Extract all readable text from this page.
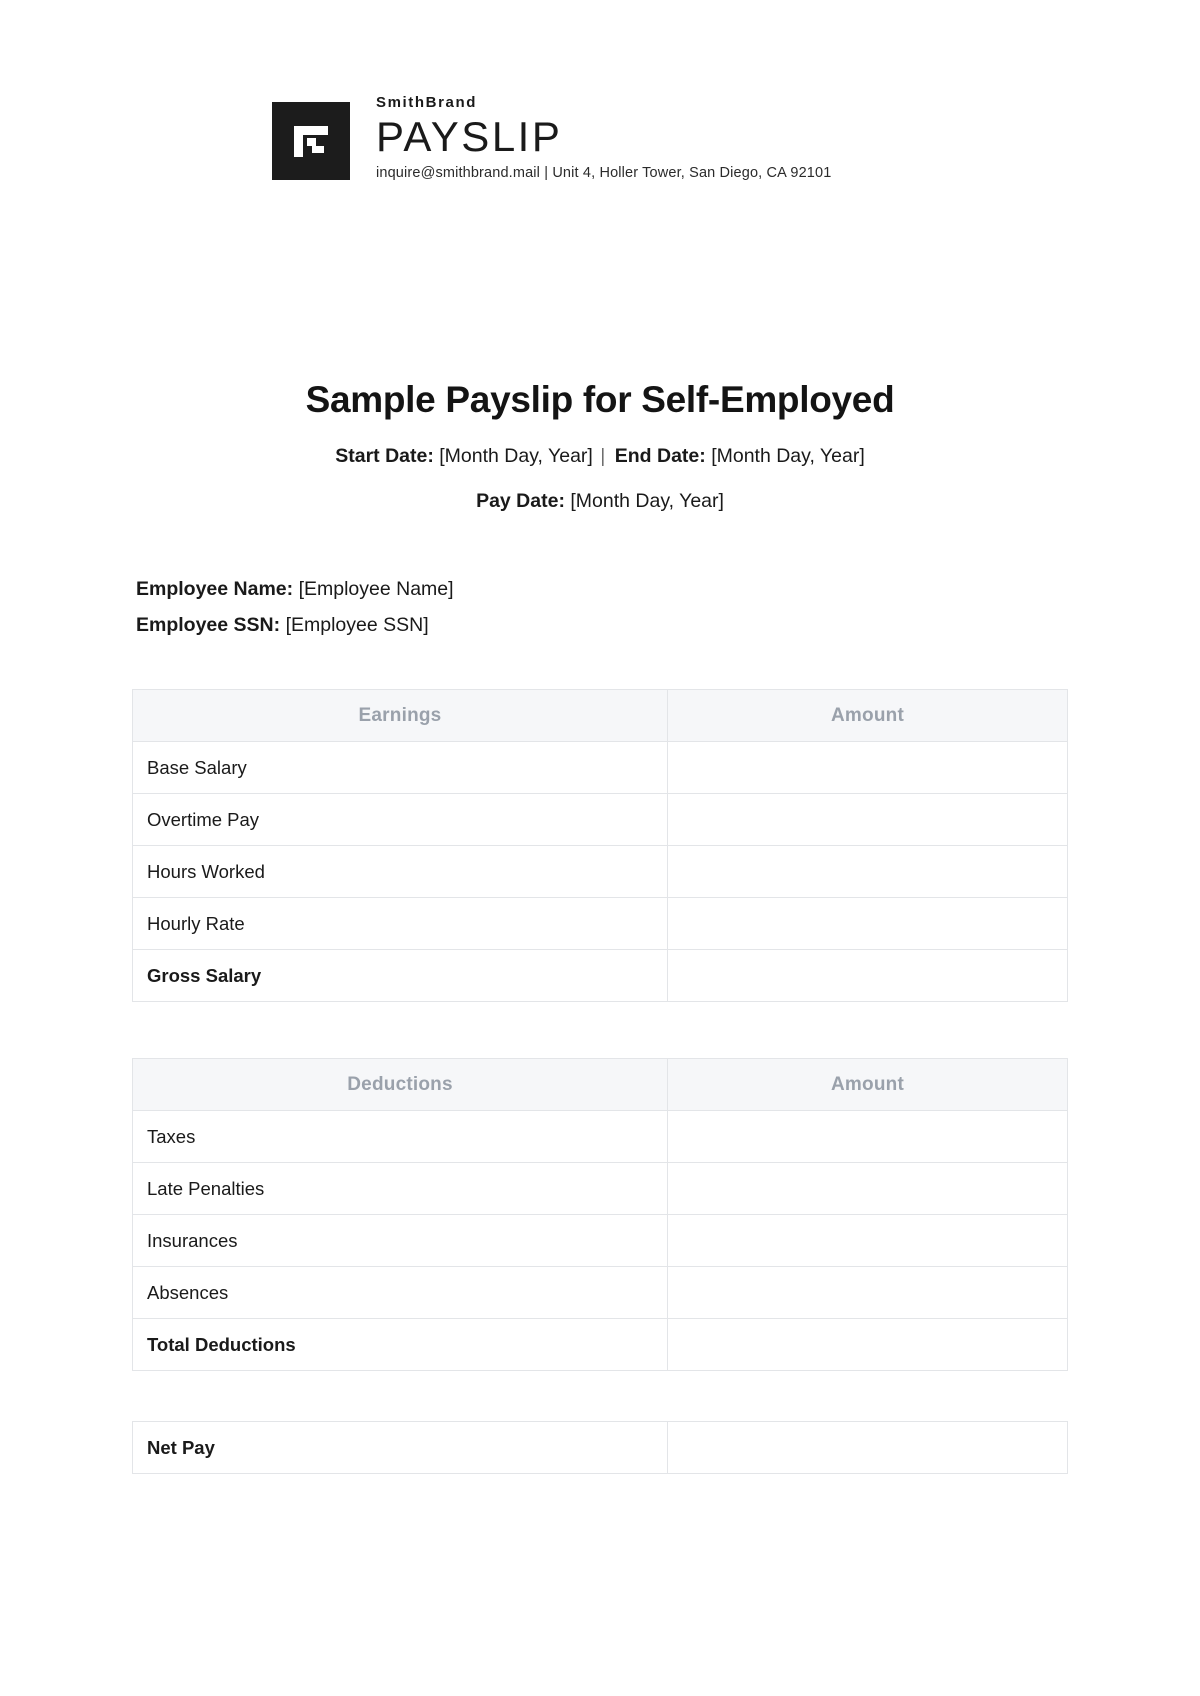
SmithBrand

PAYSLIP

inquire@smithbrand.mail | Unit 4, Holler Tower, San Diego, CA 92101
Sample Payslip for Self-Employed
Start Date: [Month Day, Year] | End Date: [Month Day, Year]
Pay Date: [Month Day, Year]
Employee Name: [Employee Name]
Employee SSN: [Employee SSN]
Earnings	Amount
Base Salary	
Overtime Pay	
Hours Worked	
Hourly Rate	
Gross Salary	
Deductions	Amount
Taxes	
Late Penalties	
Insurances	
Absences	
Total Deductions	
Net Pay	
